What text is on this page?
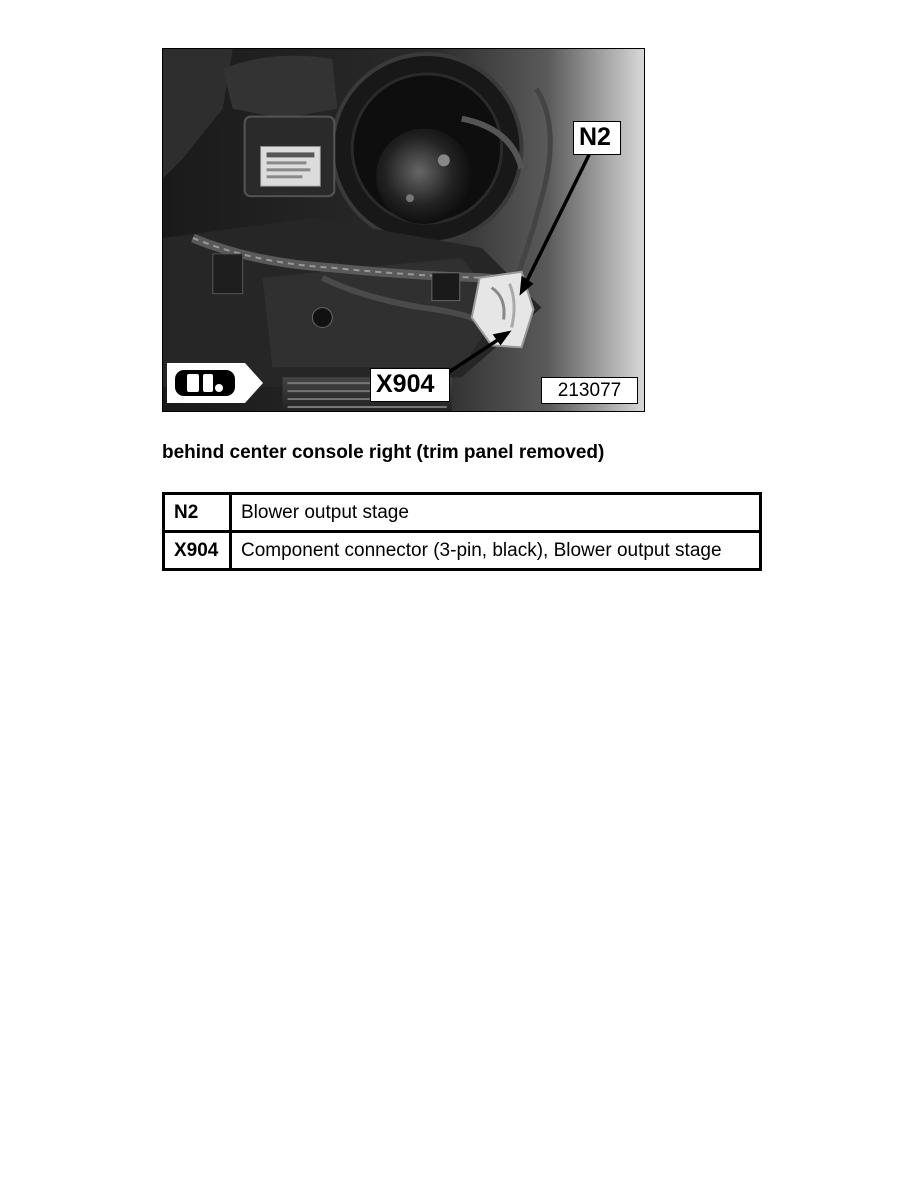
N2
X904	213077
behind center console right (trim panel removed)
N2	Blower output stage
X904	Component connector (3-pin, black), Blower output stage
